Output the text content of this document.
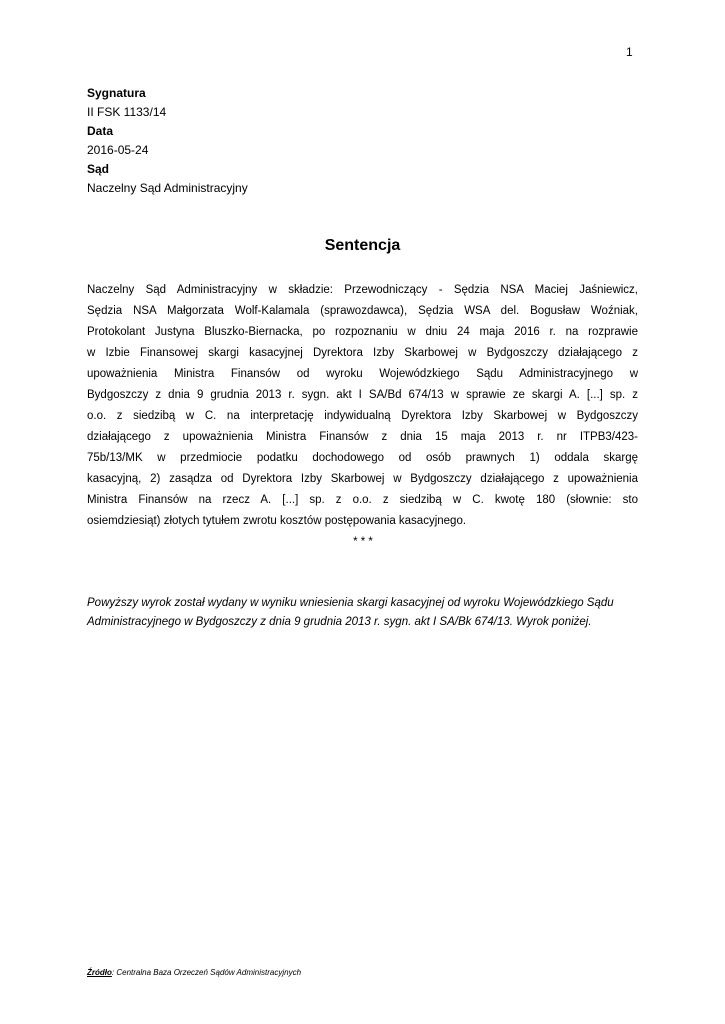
1
Sygnatura
II FSK 1133/14
Data
2016-05-24
Sąd
Naczelny Sąd Administracyjny
Sentencja
Naczelny Sąd Administracyjny w składzie: Przewodniczący - Sędzia NSA Maciej Jaśniewicz,
Sędzia NSA Małgorzata Wolf-Kalamala (sprawozdawca), Sędzia WSA del. Bogusław Woźniak,
Protokolant Justyna Bluszko-Biernacka, po rozpoznaniu w dniu 24 maja 2016 r. na rozprawie
w Izbie Finansowej skargi kasacyjnej Dyrektora Izby Skarbowej w Bydgoszczy działającego z
upoważnienia Ministra Finansów od wyroku Wojewódzkiego Sądu Administracyjnego w
Bydgoszczy z dnia 9 grudnia 2013 r. sygn. akt I SA/Bd 674/13 w sprawie ze skargi A. [...] sp. z
o.o. z siedzibą w C. na interpretację indywidualną Dyrektora Izby Skarbowej w Bydgoszczy
działającego z upoważnienia Ministra Finansów z dnia 15 maja 2013 r. nr ITPB3/423-
75b/13/MK w przedmiocie podatku dochodowego od osób prawnych 1) oddala skargę
kasacyjną, 2) zasądza od Dyrektora Izby Skarbowej w Bydgoszczy działającego z upoważnienia
Ministra Finansów na rzecz A. [...] sp. z o.o. z siedzibą w C. kwotę 180 (słownie: sto
osiemdziesiąt) złotych tytułem zwrotu kosztów postępowania kasacyjnego.
* * *
Powyższy wyrok został wydany w wyniku wniesienia skargi kasacyjnej od wyroku Wojewódzkiego Sądu
Administracyjnego w Bydgoszczy z dnia 9 grudnia 2013 r. sygn. akt I SA/Bk 674/13. Wyrok poniżej.
Źródło: Centralna Baza Orzeczeń Sądów Administracyjnych
